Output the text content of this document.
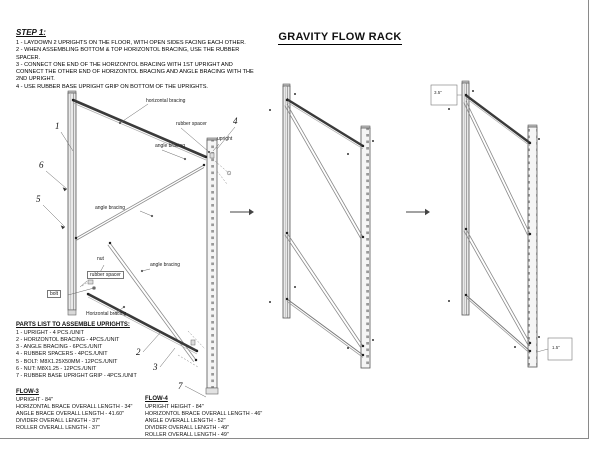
GRAVITY FLOW RACK
STEP 1:
1 - LAYDOWN 2 UPRIGHTS ON THE FLOOR, WITH OPEN SIDES FACING EACH OTHER.
2 - WHEN ASSEMBLING BOTTOM & TOP HORIZONTOL BRACING, USE THE RUBBER SPACER.
3 - CONNECT ONE END OF THE HORIZONTOL BRACING WITH 1ST UPRIGHT AND CONNECT THE OTHER END OF HORIZONTOL BRACING AND ANGLE BRACING WITH THE 2ND UPRIGHT.
4 - USE RUBBER BASE UPRIGHT GRIP ON BOTTOM OF THE UPRIGHTS.
horizontal bracing
rubber spacer
angle bracing
upright
angle bracing
nut
rubber spacer
angle bracing
bolt
Horizontal bracing
1
6
5
4
2
3
7
3.5"
1.5"
PARTS LIST TO ASSEMBLE UPRIGHTS:
1 - UPRIGHT - 4 PCS./UNIT
2 - HORIZONTOL BRACING - 4PCS./UNIT
3 - ANGLE BRACING - 6PCS./UNIT
4 - RUBBER SPACERS - 4PCS./UNIT
5 - BOLT: M8X1.25X50MM - 12PCS./UNIT
6 - NUT: M8X1.25 - 12PCS./UNIT
7 - RUBBER BASE UPRIGHT GRIP - 4PCS./UNIT
FLOW-3
UPRIGHT - 84"
HORIZONTAL BRACE OVERALL LENGTH - 34"
ANGLE BRACE OVERALL LENGTH - 41.60"
DIVIDER OVERALL LENGTH - 37"
ROLLER OVERALL LENGTH - 37"
FLOW-4
UPRIGHT HEIGHT - 84"
HORIZONTOL BRACE OVERALL LENGTH - 46"
ANGLE OVERALL LENGTH - 52"
DIVIDER OVERALL LENGTH - 49"
ROLLER OVERALL LENGTH - 49"
